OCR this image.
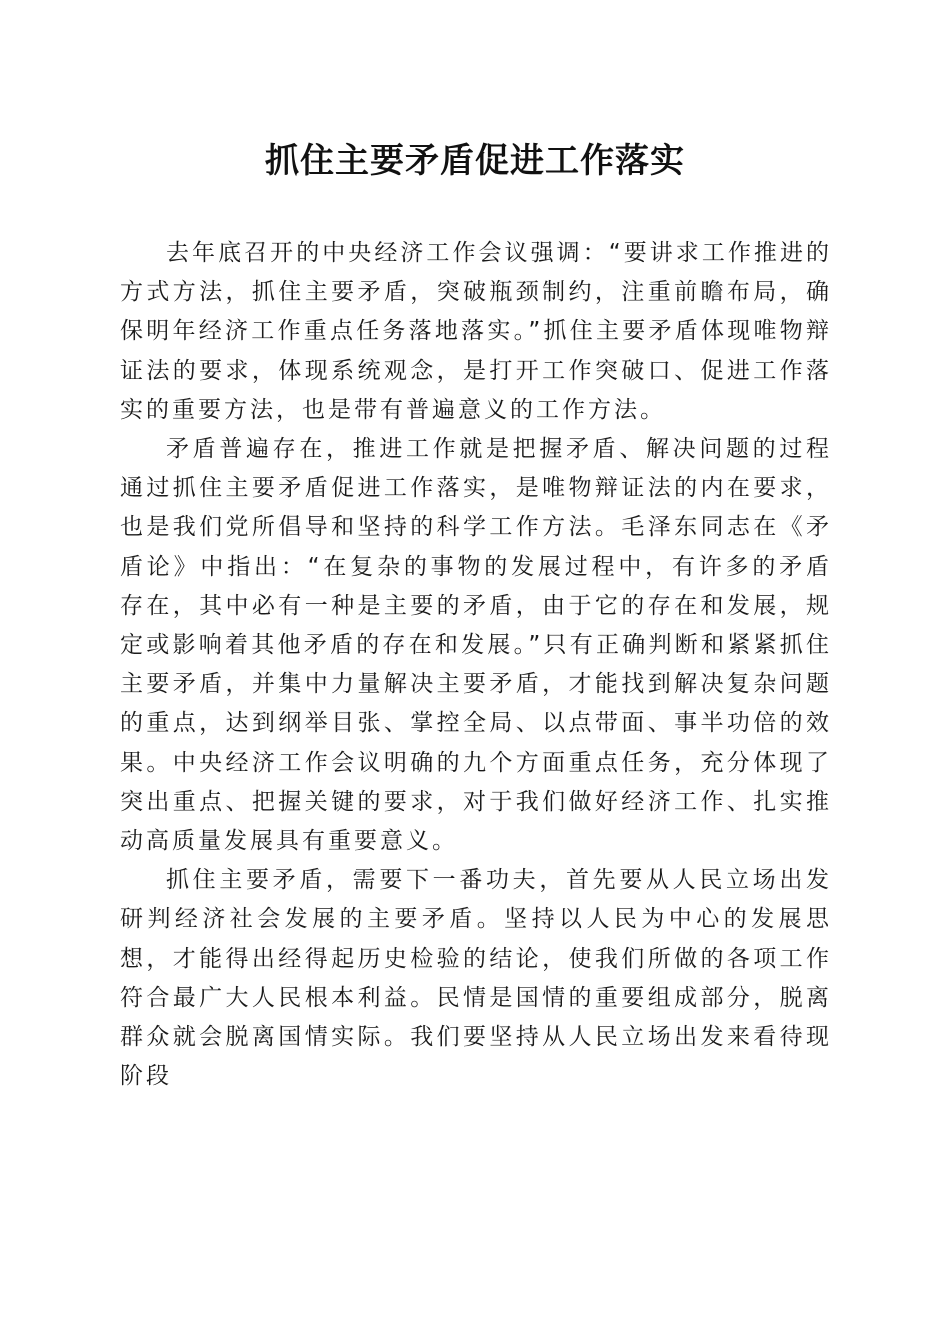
抓住主要矛盾促进工作落实

去年底召开的中央经济工作会议强调：“要讲求工作推进的方式方法，抓住主要矛盾，突破瓶颈制约，注重前瞻布局，确保明年经济工作重点任务落地落实。”抓住主要矛盾体现唯物辩证法的要求，体现系统观念，是打开工作突破口、促进工作落实的重要方法，也是带有普遍意义的工作方法。

矛盾普遍存在，推进工作就是把握矛盾、解决问题的过程通过抓住主要矛盾促进工作落实，是唯物辩证法的内在要求，也是我们党所倡导和坚持的科学工作方法。毛泽东同志在《矛盾论》中指出：“在复杂的事物的发展过程中，有许多的矛盾存在，其中必有一种是主要的矛盾，由于它的存在和发展，规定或影响着其他矛盾的存在和发展。”只有正确判断和紧紧抓住主要矛盾，并集中力量解决主要矛盾，才能找到解决复杂问题的重点，达到纲举目张、掌控全局、以点带面、事半功倍的效果。中央经济工作会议明确的九个方面重点任务，充分体现了突出重点、把握关键的要求，对于我们做好经济工作、扎实推动高质量发展具有重要意义。

抓住主要矛盾，需要下一番功夫，首先要从人民立场出发研判经济社会发展的主要矛盾。坚持以人民为中心的发展思想，才能得出经得起历史检验的结论，使我们所做的各项工作符合最广大人民根本利益。民情是国情的重要组成部分，脱离群众就会脱离国情实际。我们要坚持从人民立场出发来看待现阶段
